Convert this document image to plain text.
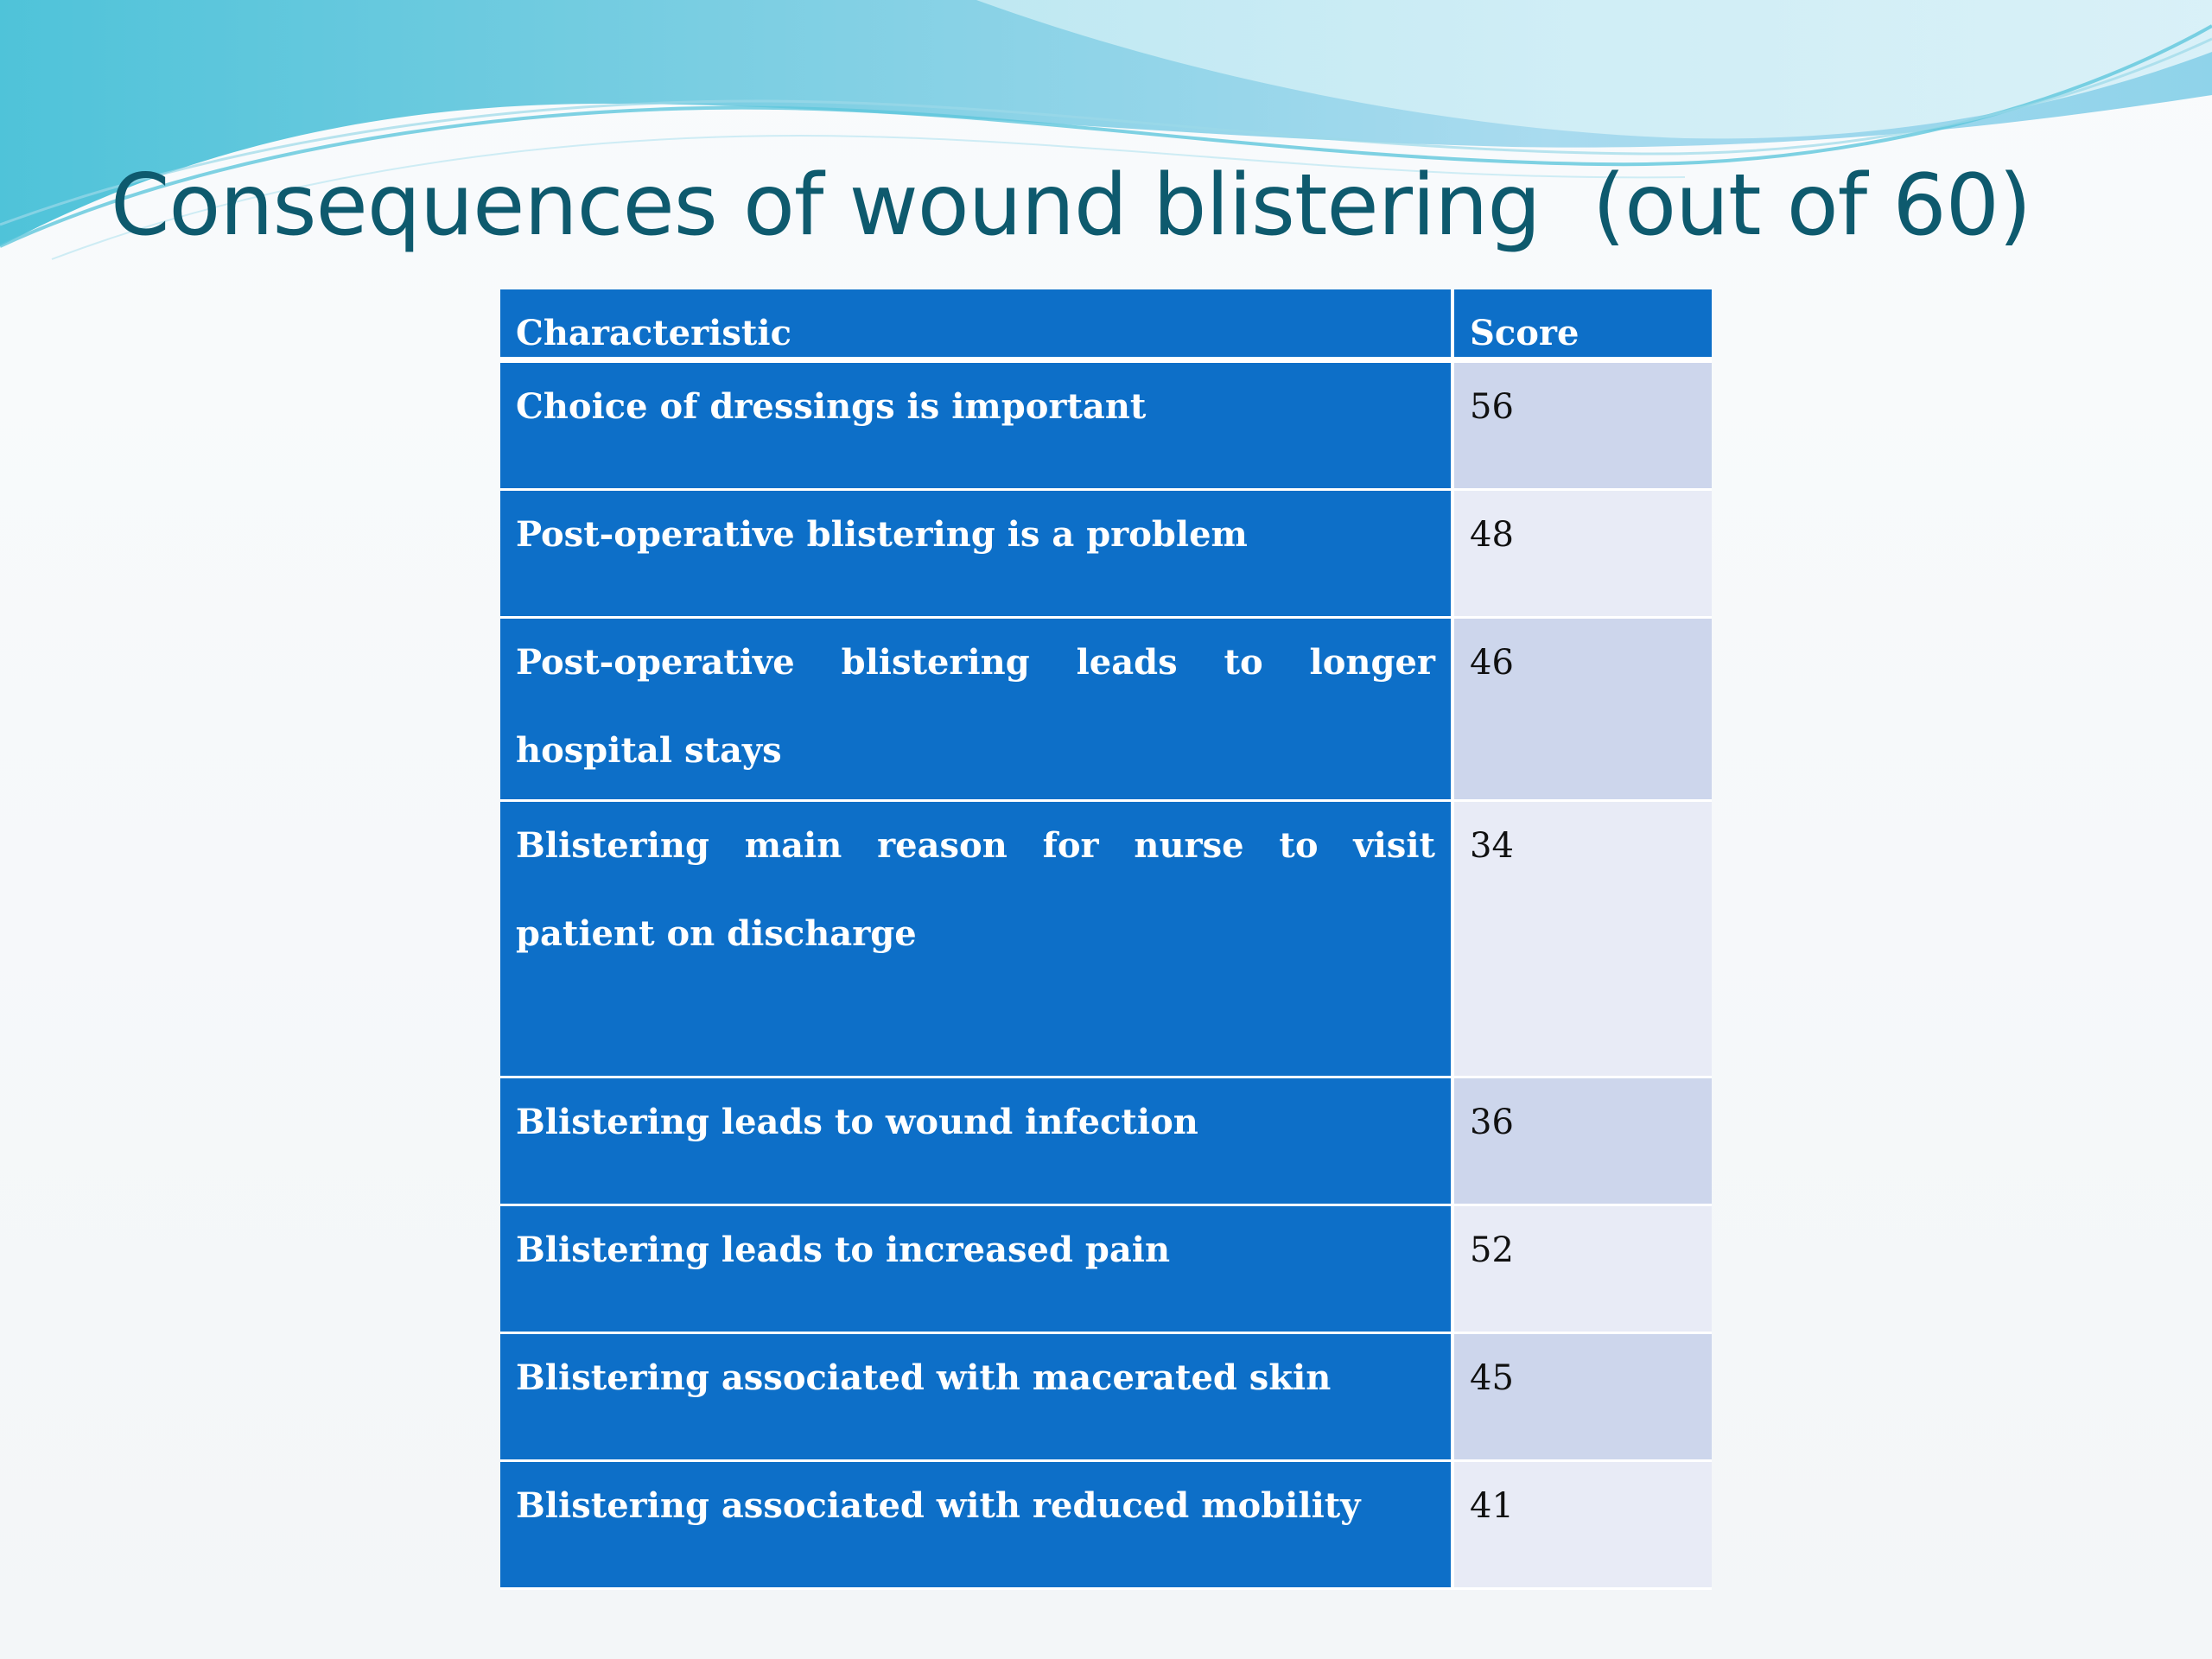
Consequences of wound blistering  (out of 60)
Characteristic	Score

Choice of dressings is important	56

Post-operative blistering is a problem	48

Post-operative blistering leads to longer hospital stays	46

Blistering main reason for nurse to visit patient on discharge	34

Blistering leads to wound infection	36

Blistering leads to increased pain	52

Blistering associated with macerated skin	45

Blistering associated with reduced mobility	41
